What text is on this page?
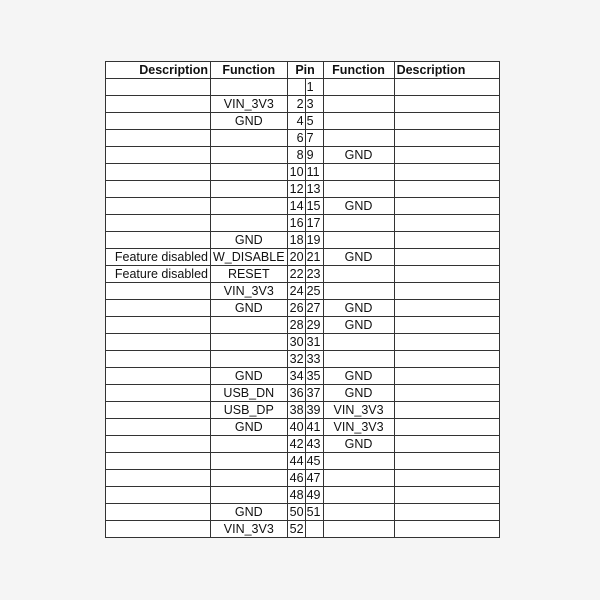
Description	Function	Pin		Function	Description
			1		
	VIN_3V3	2	3		
	GND	4	5		
		6	7		
		8	9	GND	
		10	11		
		12	13		
		14	15	GND	
		16	17		
	GND	18	19		
Feature disabled	W_DISABLE	20	21	GND	
Feature disabled	RESET	22	23		
	VIN_3V3	24	25		
	GND	26	27	GND	
		28	29	GND	
		30	31		
		32	33		
	GND	34	35	GND	
	USB_DN	36	37	GND	
	USB_DP	38	39	VIN_3V3	
	GND	40	41	VIN_3V3	
		42	43	GND	
		44	45		
		46	47		
		48	49		
	GND	50	51		
	VIN_3V3	52			
